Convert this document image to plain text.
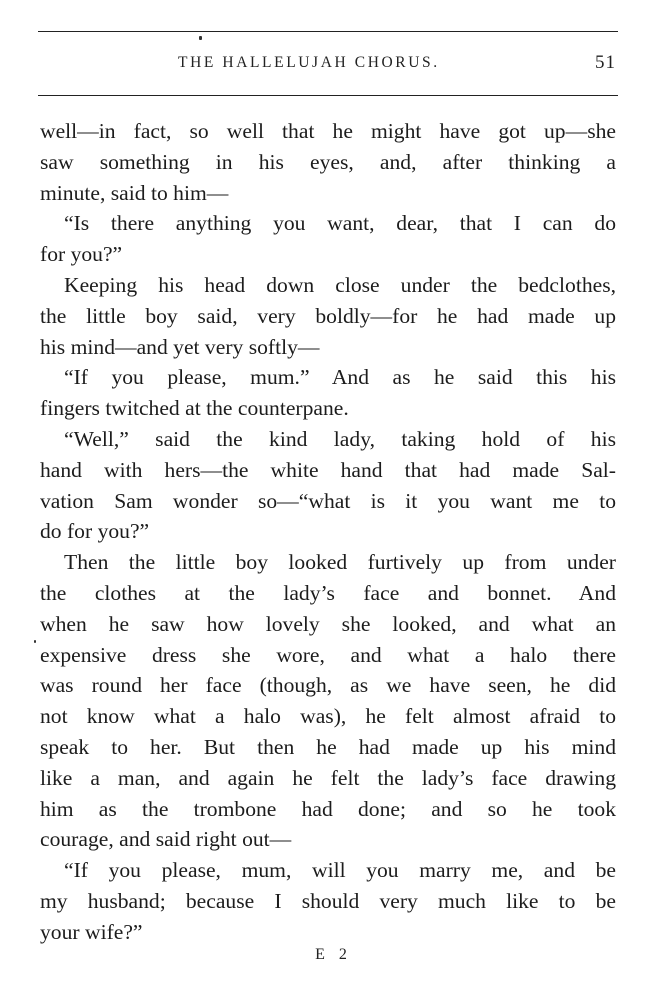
THE HALLELUJAH CHORUS.	51
well—in fact, so well that he might have got up—she
saw something in his eyes, and, after thinking a
minute, said to him—
“Is there anything you want, dear, that I can do
for you?”
Keeping his head down close under the bedclothes,
the little boy said, very boldly—for he had made up
his mind—and yet very softly—
“If you please, mum.” And as he said this his
fingers twitched at the counterpane.
“Well,” said the kind lady, taking hold of his
hand with hers—the white hand that had made Sal-
vation Sam wonder so—“what is it you want me to
do for you?”
Then the little boy looked furtively up from under
the clothes at the lady’s face and bonnet. And
when he saw how lovely she looked, and what an
expensive dress she wore, and what a halo there
was round her face (though, as we have seen, he did
not know what a halo was), he felt almost afraid to
speak to her. But then he had made up his mind
like a man, and again he felt the lady’s face drawing
him as the trombone had done; and so he took
courage, and said right out—
“If you please, mum, will you marry me, and be
my husband; because I should very much like to be
your wife?”
E 2
